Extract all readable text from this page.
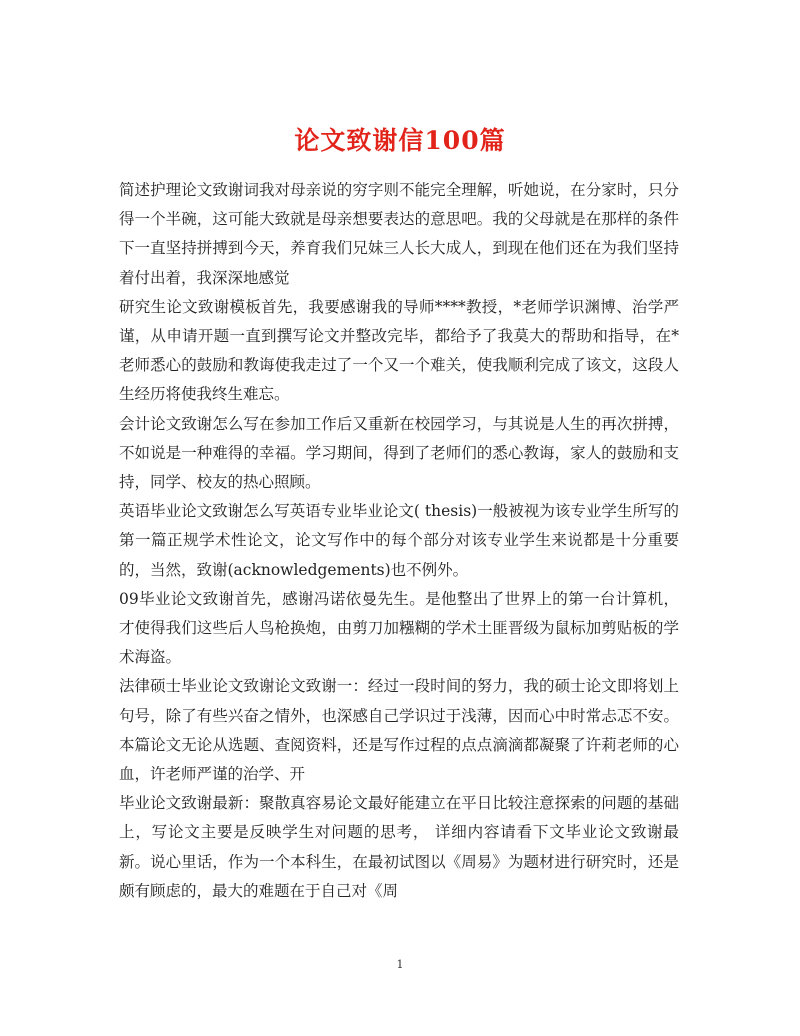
论文致谢信100篇

简述护理论文致谢词我对母亲说的穷字则不能完全理解，听她说，在分家时，只分得一个半碗，这可能大致就是母亲想要表达的意思吧。我的父母就是在那样的条件下一直坚持拼搏到今天，养育我们兄妹三人长大成人，到现在他们还在为我们坚持着付出着，我深深地感觉

研究生论文致谢模板首先，我要感谢我的导师****教授，*老师学识渊博、治学严谨，从申请开题一直到撰写论文并整改完毕，都给予了我莫大的帮助和指导，在*老师悉心的鼓励和教诲使我走过了一个又一个难关，使我顺利完成了该文，这段人生经历将使我终生难忘。

会计论文致谢怎么写在参加工作后又重新在校园学习，与其说是人生的再次拼搏，不如说是一种难得的幸福。学习期间，得到了老师们的悉心教诲，家人的鼓励和支持，同学、校友的热心照顾。

英语毕业论文致谢怎么写英语专业毕业论文( thesis)一般被视为该专业学生所写的第一篇正规学术性论文，论文写作中的每个部分对该专业学生来说都是十分重要的，当然，致谢(acknowledgements)也不例外。

09毕业论文致谢首先，感谢冯诺依曼先生。是他整出了世界上的第一台计算机，才使得我们这些后人鸟枪换炮，由剪刀加糨糊的学术土匪晋级为鼠标加剪贴板的学术海盗。

法律硕士毕业论文致谢论文致谢一：经过一段时间的努力，我的硕士论文即将划上句号，除了有些兴奋之情外，也深感自己学识过于浅薄，因而心中时常忐忑不安。本篇论文无论从选题、查阅资料，还是写作过程的点点滴滴都凝聚了许莉老师的心血，许老师严谨的治学、开

毕业论文致谢最新：聚散真容易论文最好能建立在平日比较注意探索的问题的基础上，写论文主要是反映学生对问题的思考， 详细内容请看下文毕业论文致谢最新。说心里话，作为一个本科生，在最初试图以《周易》为题材进行研究时，还是颇有顾虑的，最大的难题在于自己对《周

1
